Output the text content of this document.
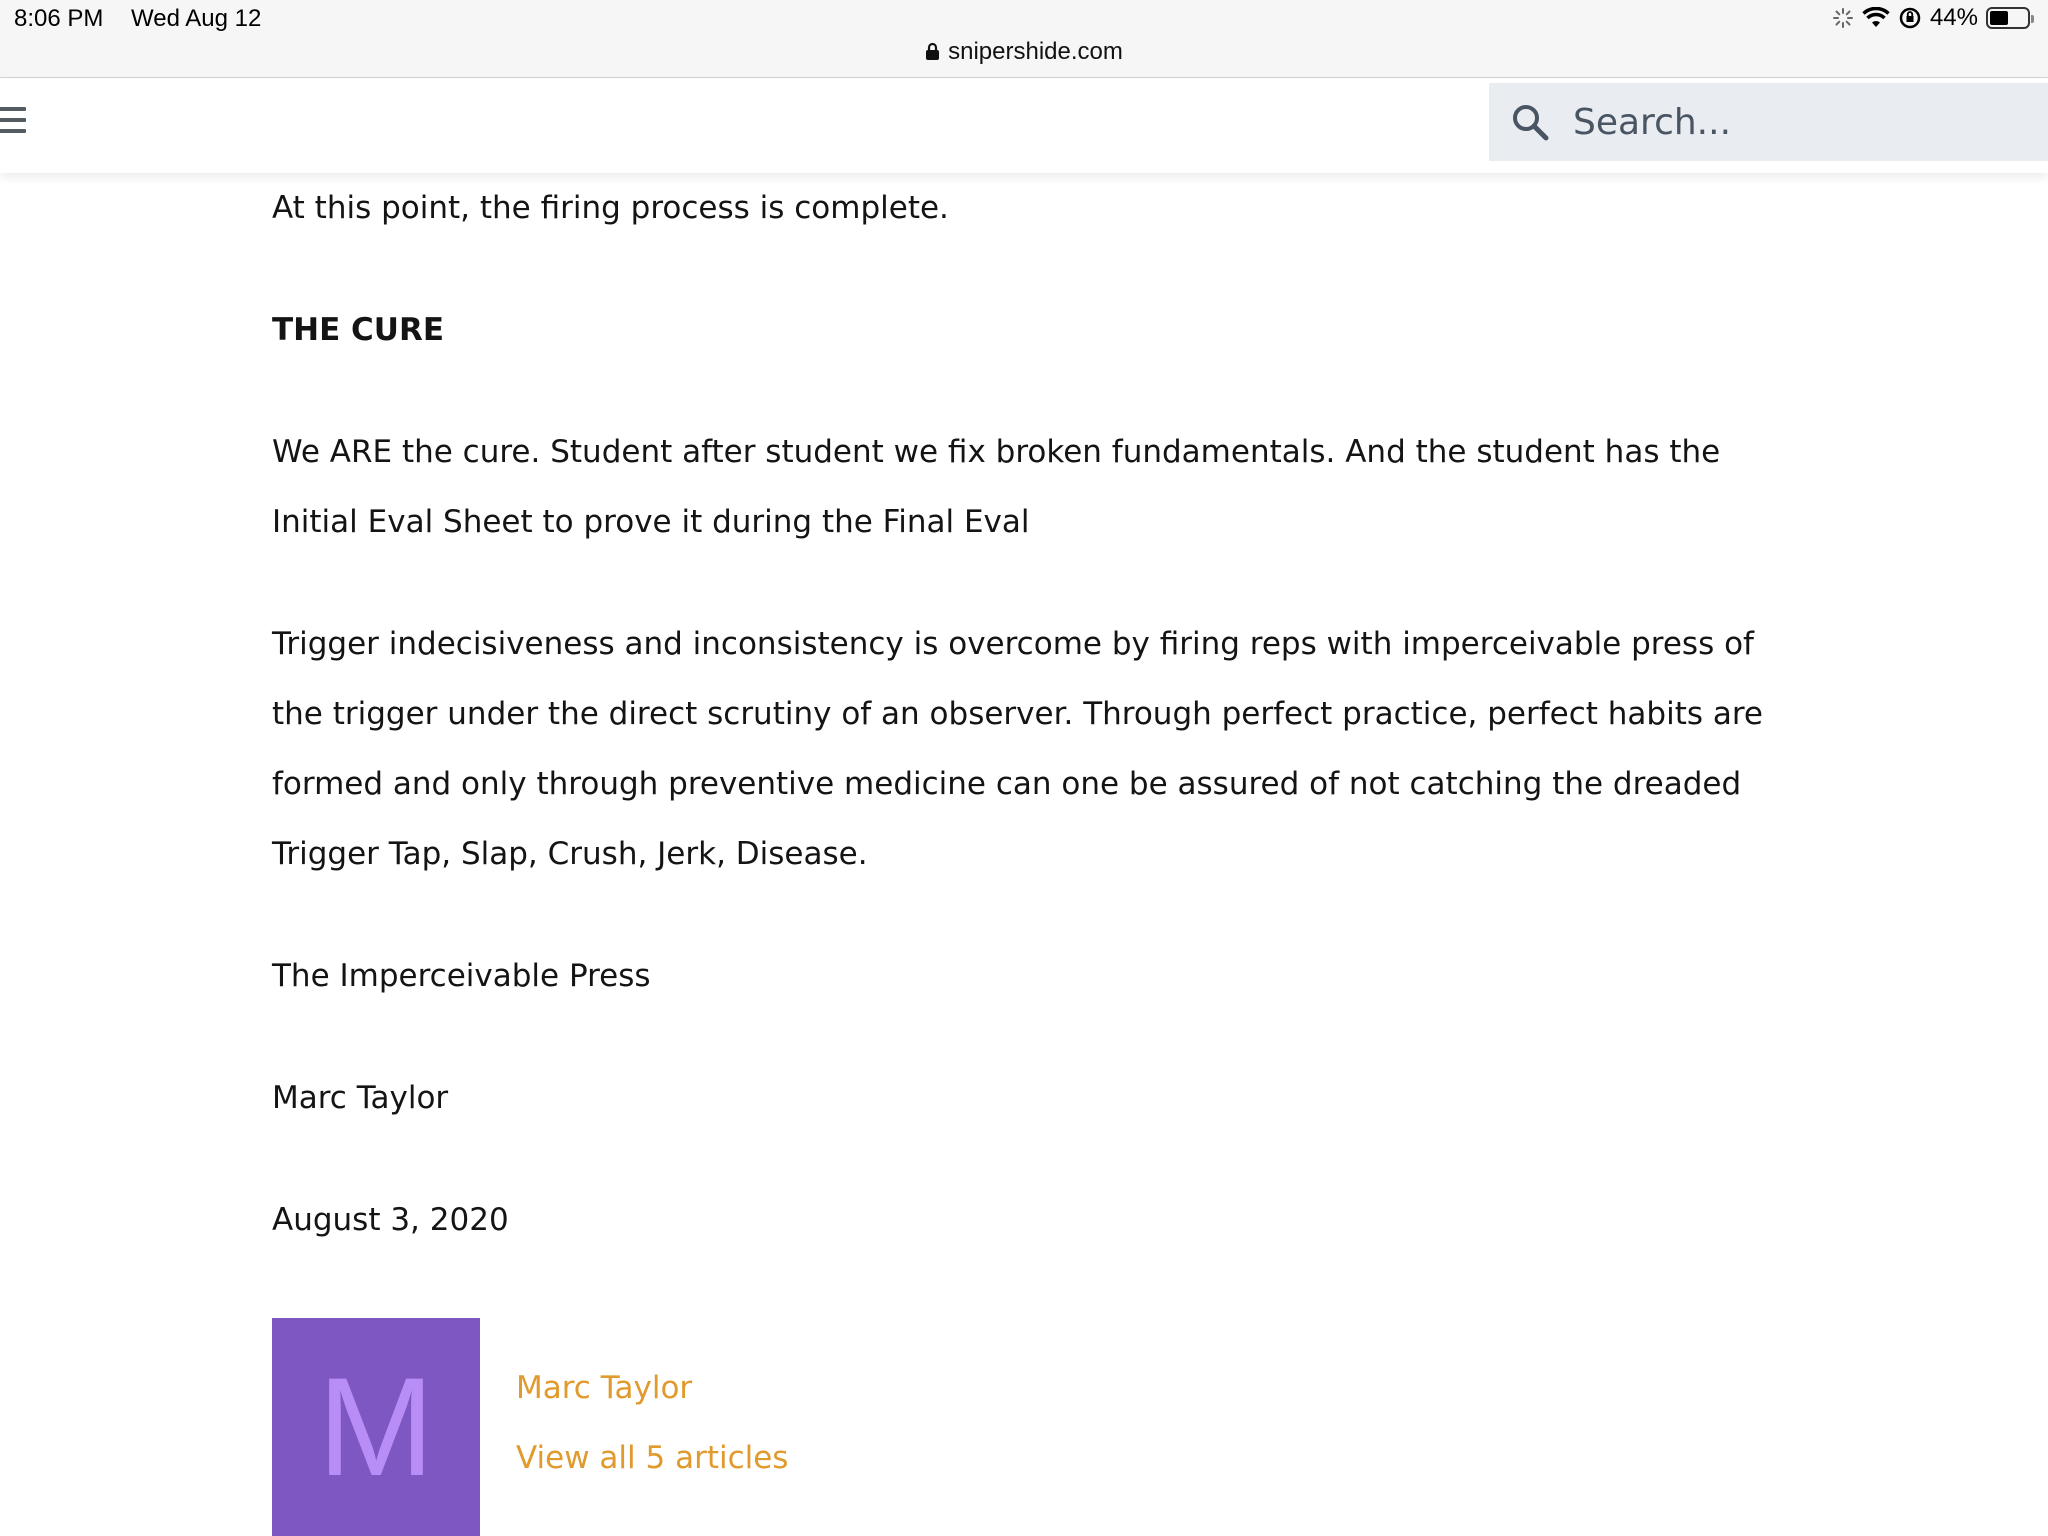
8:06 PM Wed Aug 12	44%
snipershide.com
Search...

At this point, the firing process is complete.

THE CURE

We ARE the cure. Student after student we fix broken fundamentals. And the student has the Initial Eval Sheet to prove it during the Final Eval

Trigger indecisiveness and inconsistency is overcome by firing reps with imperceivable press of the trigger under the direct scrutiny of an observer. Through perfect practice, perfect habits are formed and only through preventive medicine can one be assured of not catching the dreaded Trigger Tap, Slap, Crush, Jerk, Disease.

The Imperceivable Press

Marc Taylor

August 3, 2020

M	Marc Taylor
View all 5 articles
